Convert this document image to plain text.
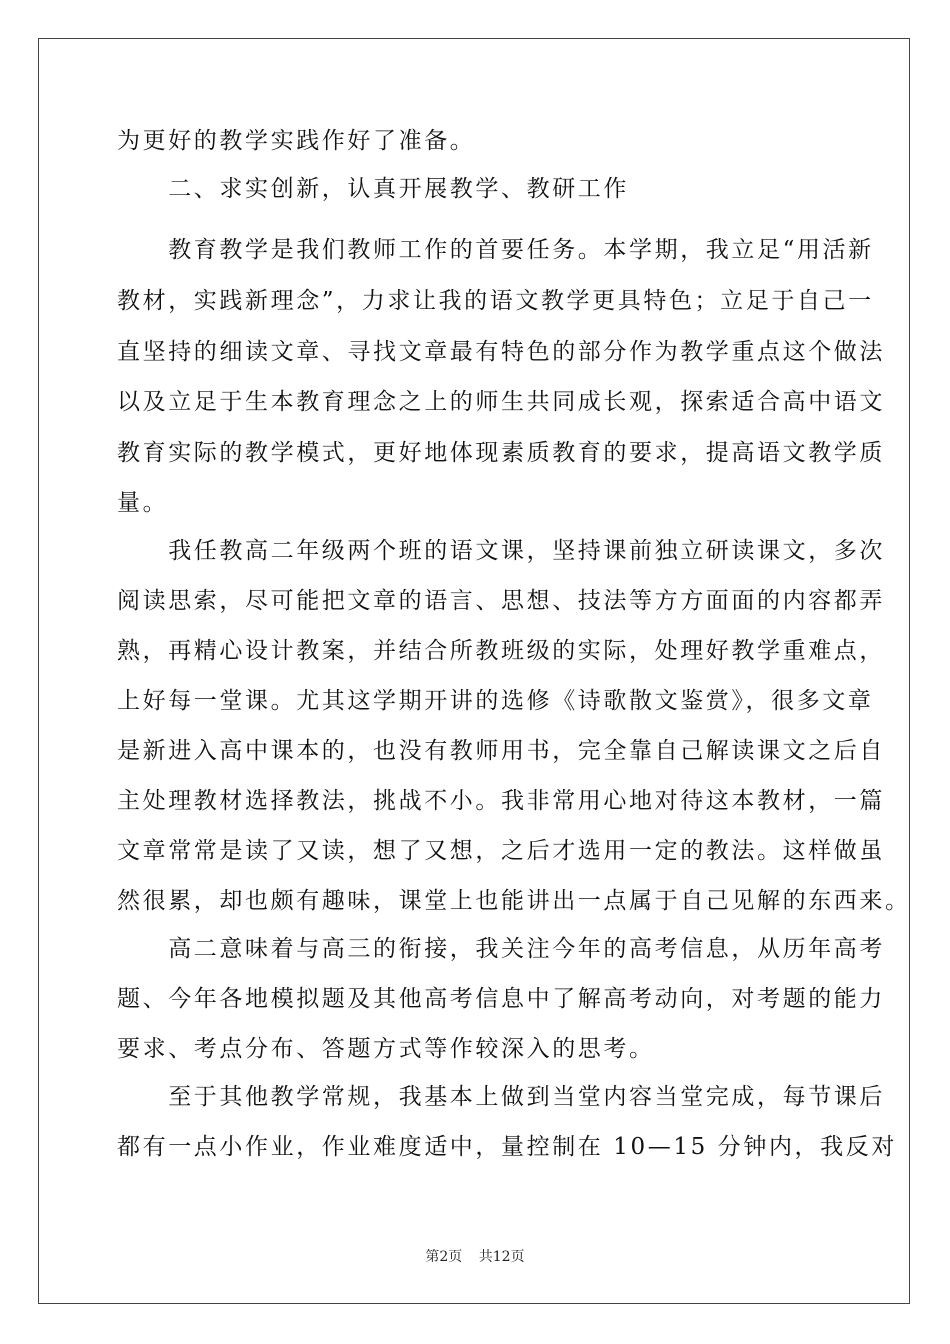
为更好的教学实践作好了准备。
　　二、求实创新，认真开展教学、教研工作
　　教育教学是我们教师工作的首要任务。本学期，我立足“用活新
教材，实践新理念”，力求让我的语文教学更具特色；立足于自己一
直坚持的细读文章、寻找文章最有特色的部分作为教学重点这个做法
以及立足于生本教育理念之上的师生共同成长观，探索适合高中语文
教育实际的教学模式，更好地体现素质教育的要求，提高语文教学质
量。
　　我任教高二年级两个班的语文课，坚持课前独立研读课文，多次
阅读思索，尽可能把文章的语言、思想、技法等方方面面的内容都弄
熟，再精心设计教案，并结合所教班级的实际，处理好教学重难点，
上好每一堂课。尤其这学期开讲的选修《诗歌散文鉴赏》，很多文章
是新进入高中课本的，也没有教师用书，完全靠自己解读课文之后自
主处理教材选择教法，挑战不小。我非常用心地对待这本教材，一篇
文章常常是读了又读，想了又想，之后才选用一定的教法。这样做虽
然很累，却也颇有趣味，课堂上也能讲出一点属于自己见解的东西来。
　　高二意味着与高三的衔接，我关注今年的高考信息，从历年高考
题、今年各地模拟题及其他高考信息中了解高考动向，对考题的能力
要求、考点分布、答题方式等作较深入的思考。
　　至于其他教学常规，我基本上做到当堂内容当堂完成，每节课后
都有一点小作业，作业难度适中，量控制在 10—15 分钟内，我反对
第2页 共12页
